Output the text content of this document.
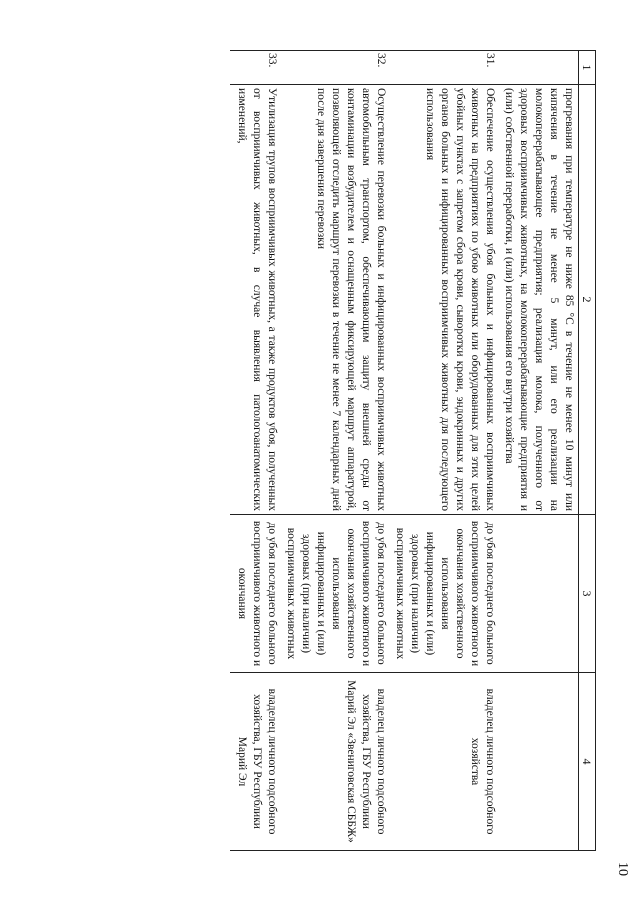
10
1	2	3	4
	прогревания при температуре не ниже 85 °С в течение не менее 10 минут или кипячения в течение не менее 5 минут, или его реализации на молокоперерабатывающее предприятия; реализация молока, полученного от здоровых восприимчивых животных, на молокоперерабатывающие предприятия и (или) собственной переработки, и (или) использования его внутри хозяйства		
31.	Обеспечение осуществления убоя больных и инфицированных восприимчивых животных на предприятиях по убою животных или оборудованных для этих целей убойных пунктах с запретом сбора крови, сыворотки крови, эндокринных и других органов больных и инфицированных восприимчивых животных для последующего использования	до убоя последнего больного восприимчивого животного и окончания хозяйственного использования инфицированных и (или) здоровых (при наличии) восприимчивых животных	владелец личного подсобного хозяйства
32.	Осуществление перевозки больных и инфицированных восприимчивых животных автомобильным транспортом, обеспечивающим защиту внешней среды от контаминации возбудителем и оснащенным фиксирующей маршрут аппаратурой, позволяющей отследить маршрут перевозки в течение не менее 7 календарных дней после дня завершения перевозки	до убоя последнего больного восприимчивого животного и окончания хозяйственного использования инфицированных и (или) здоровых (при наличии) восприимчивых животных	владелец личного подсобного хозяйства, ГБУ Республики Марий Эл «Звениговская СББЖ»
33.	Утилизация трупов восприимчивых животных, а также продуктов убоя, полученных от восприимчивых животных, в случае выявления патологоанатомических изменений,	до убоя последнего больного восприимчивого животного и окончания	владелец личного подсобного хозяйства, ГБУ Республики Марий Эл
